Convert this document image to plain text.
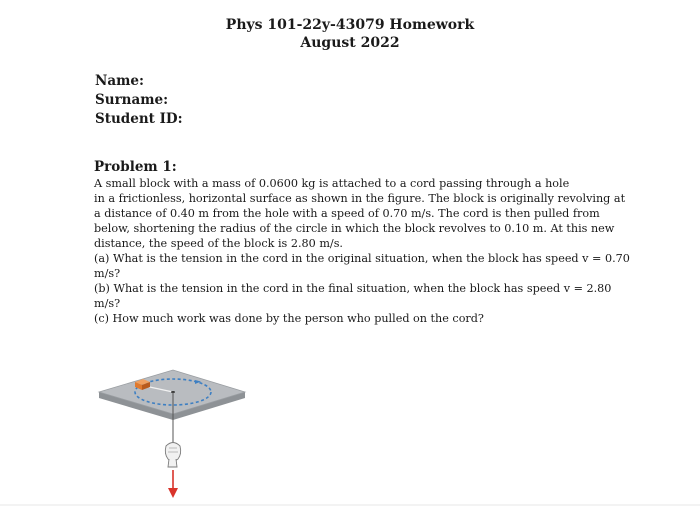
Phys 101-22y-43079 Homework
August 2022
Name:
Surname:
Student ID:
Problem 1:
A small block with a mass of 0.0600 kg is attached to a cord passing through a hole
in a frictionless, horizontal surface as shown in the figure. The block is originally revolving at
a distance of 0.40 m from the hole with a speed of 0.70 m/s. The cord is then pulled from
below, shortening the radius of the circle in which the block revolves to 0.10 m. At this new
distance, the speed of the block is 2.80 m/s.
(a) What is the tension in the cord in the original situation, when the block has speed v = 0.70
m/s?
(b) What is the tension in the cord in the final situation, when the block has speed v = 2.80
m/s?
(c) How much work was done by the person who pulled on the cord?
